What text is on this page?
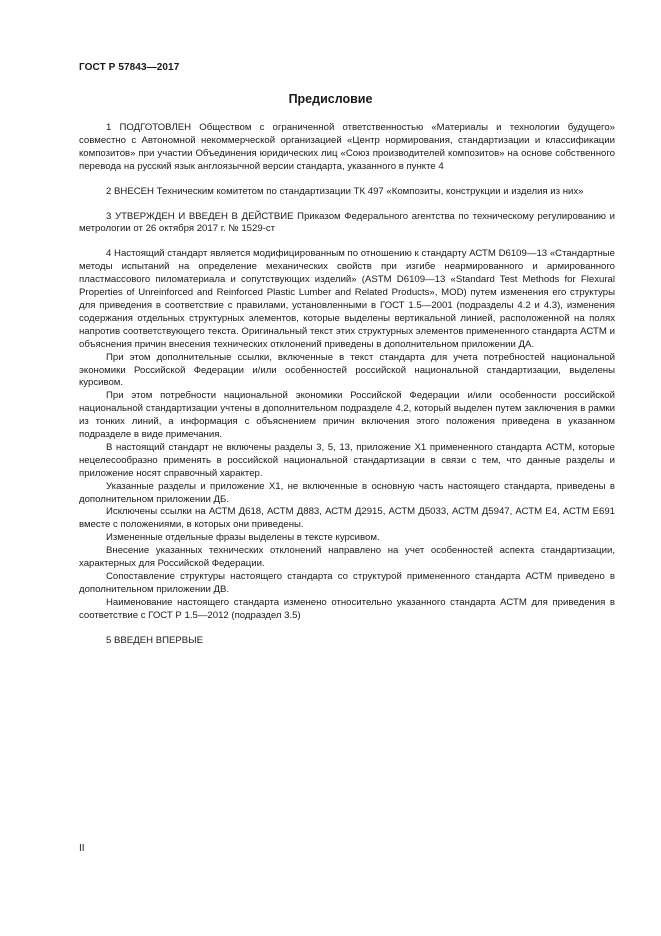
ГОСТ Р 57843—2017
Предисловие

1 ПОДГОТОВЛЕН Обществом с ограниченной ответственностью «Материалы и технологии будущего» совместно с Автономной некоммерческой организацией «Центр нормирования, стандартизации и классификации композитов» при участии Объединения юридических лиц «Союз производителей композитов» на основе собственного перевода на русский язык англоязычной версии стандарта, указанного в пункте 4

2 ВНЕСЕН Техническим комитетом по стандартизации ТК 497 «Композиты, конструкции и изделия из них»

3 УТВЕРЖДЕН И ВВЕДЕН В ДЕЙСТВИЕ Приказом Федерального агентства по техническому регулированию и метрологии от 26 октября 2017 г. № 1529-ст

4 Настоящий стандарт является модифицированным по отношению к стандарту АСТМ D6109—13 «Стандартные методы испытаний на определение механических свойств при изгибе неармированного и армированного пластмассового пиломатериала и сопутствующих изделий» (ASTM D6109—13 «Standard Test Methods for Flexural Properties of Unreinforced and Reinforced Plastic Lumber and Related Products», MOD) путем изменения его структуры для приведения в соответствие с правилами, установленными в ГОСТ 1.5—2001 (подразделы 4.2 и 4.3), изменения содержания отдельных структурных элементов, которые выделены вертикальной линией, расположенной на полях напротив соответствующего текста. Оригинальный текст этих структурных элементов примененного стандарта АСТМ и объяснения причин внесения технических отклонений приведены в дополнительном приложении ДА.

При этом дополнительные ссылки, включенные в текст стандарта для учета потребностей национальной экономики Российской Федерации и/или особенностей российской национальной стандартизации, выделены курсивом.

При этом потребности национальной экономики Российской Федерации и/или особенности российской национальной стандартизации учтены в дополнительном подразделе 4.2, который выделен путем заключения в рамки из тонких линий, а информация с объяснением причин включения этого положения приведена в указанном подразделе в виде примечания.

В настоящий стандарт не включены разделы 3, 5, 13, приложение X1 примененного стандарта АСТМ, которые нецелесообразно применять в российской национальной стандартизации в связи с тем, что данные разделы и приложение носят справочный характер.

Указанные разделы и приложение X1, не включенные в основную часть настоящего стандарта, приведены в дополнительном приложении ДБ.

Исключены ссылки на АСТМ Д618, АСТМ Д883, АСТМ Д2915, АСТМ Д5033, АСТМ Д5947, АСТМ Е4, АСТМ Е691 вместе с положениями, в которых они приведены.

Измененные отдельные фразы выделены в тексте курсивом.

Внесение указанных технических отклонений направлено на учет особенностей аспекта стандартизации, характерных для Российской Федерации.

Сопоставление структуры настоящего стандарта со структурой примененного стандарта АСТМ приведено в дополнительном приложении ДВ.

Наименование настоящего стандарта изменено относительно указанного стандарта АСТМ для приведения в соответствие с ГОСТ Р 1.5—2012 (подраздел 3.5)

5 ВВЕДЕН ВПЕРВЫЕ

II
